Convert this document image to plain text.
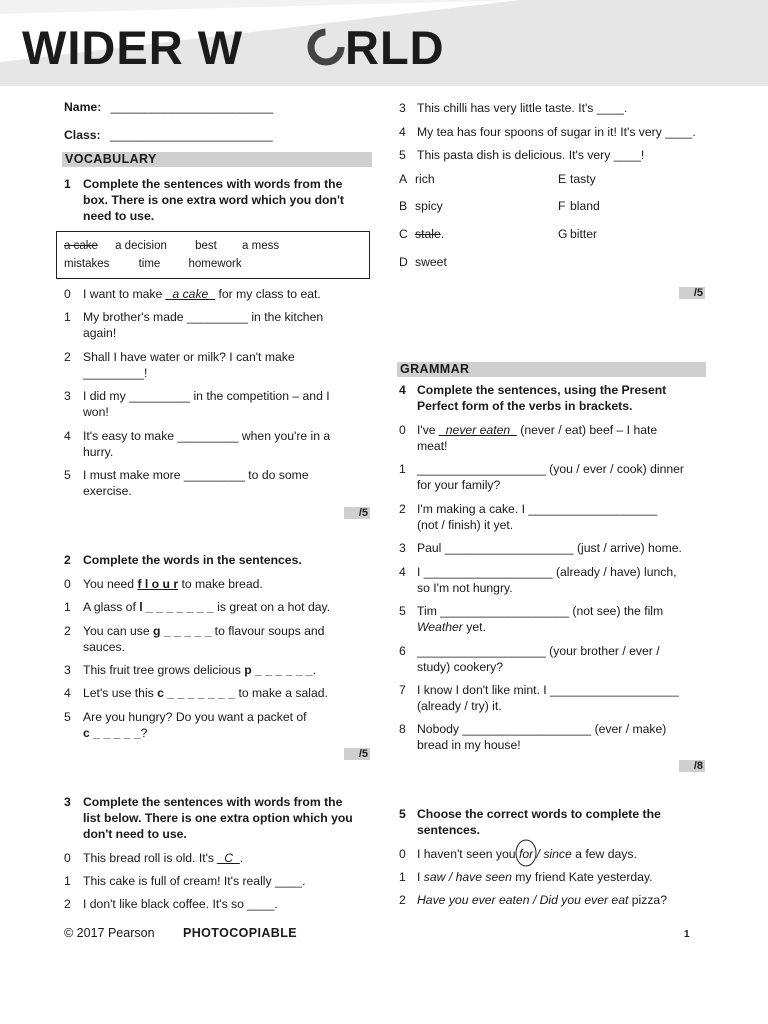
WIDER W RLD
Name: ________________________
Class: ________________________
VOCABULARY
1 Complete the sentences with words from the
box. There is one extra word which you don't
need to use.
a cake a decision best a mess
mistakes	time homework
0 I want to make _a cake_ for my class to eat.
1 My brother's made _________ in the kitchen
again!
2 Shall I have water or milk? I can't make
_________!
3 I did my _________ in the competition – and I
won!
4 It's easy to make _________ when you're in a
hurry.
5 I must make more _________ to do some
exercise.
/5
2 Complete the words in the sentences.
0 You need f l o u r to make bread.
1 A glass of l _ _ _ _ _ _ _ is great on a hot day.
2 You can use g _ _ _ _ _ to flavour soups and
sauces.
3 This fruit tree grows delicious p _ _ _ _ _ _.
4 Let's use this c _ _ _ _ _ _ _ to make a salad.
5 Are you hungry? Do you want a packet of
c _ _ _ _ _?
/5
3 Complete the sentences with words from the
list below. There is one extra option which you
don't need to use.
0 This bread roll is old. It's _C_.
1 This cake is full of cream! It's really ____.
2 I don't like black coffee. It's so ____.
3 This chilli has very little taste. It's ____.
4 My tea has four spoons of sugar in it! It's very ____.
5 This pasta dish is delicious. It's very ____!
A rich	E tasty
B spicy	F bland
C stale.	G bitter
D sweet
/5
GRAMMAR
4 Complete the sentences, using the Present
Perfect form of the verbs in brackets.
0 I've _never eaten_ (never / eat) beef – I hate
meat!
1 ___________________ (you / ever / cook) dinner
for your family?
2 I'm making a cake. I ___________________
(not / finish) it yet.
3 Paul ___________________ (just / arrive) home.
4 I ___________________ (already / have) lunch,
so I'm not hungry.
5 Tim ___________________ (not see) the film
Weather yet.
6 ___________________ (your brother / ever /
study) cookery?
7 I know I don't like mint. I ___________________
(already / try) it.
8 Nobody ___________________ (ever / make)
bread in my house!
/8
5 Choose the correct words to complete the
sentences.
0 I haven't seen you for
/ since a few days.
1 I saw / have seen my friend Kate yesterday.
2 Have you ever eaten / Did you ever eat pizza?
© 2017 Pearson PHOTOCOPIABLE	1
